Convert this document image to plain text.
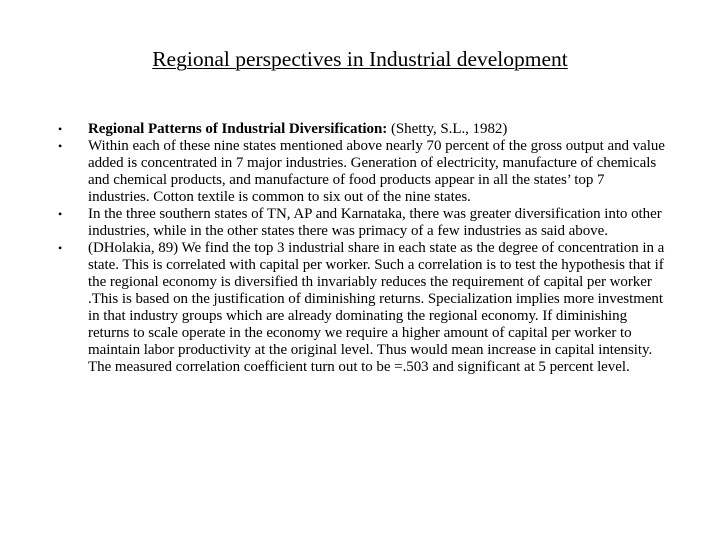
Regional perspectives in Industrial development
• Regional Patterns of Industrial Diversification: (Shetty, S.L., 1982)
• Within each of these nine states mentioned above nearly 70 percent of the gross output and value added is concentrated in 7 major industries. Generation of electricity, manufacture of chemicals and chemical products, and manufacture of food products appear in all the states’ top 7 industries. Cotton textile is common to six out of the nine states.
• In the three southern states of TN, AP and Karnataka, there was greater diversification into other industries, while in the other states there was primacy of a few industries as said above.
• (DHolakia, 89) We find the top 3 industrial share in each state as the degree of concentration in a state. This is correlated with capital per worker. Such a correlation is to test the hypothesis that if the regional economy is diversified th invariably reduces the requirement of capital per worker .This is based on the justification of diminishing returns. Specialization implies more investment in that industry groups which are already dominating the regional economy. If diminishing returns to scale operate in the economy we require a higher amount of capital per worker to maintain labor productivity at the original level. Thus would mean increase in capital intensity. The measured correlation coefficient turn out to be =.503 and significant at 5 percent level.
